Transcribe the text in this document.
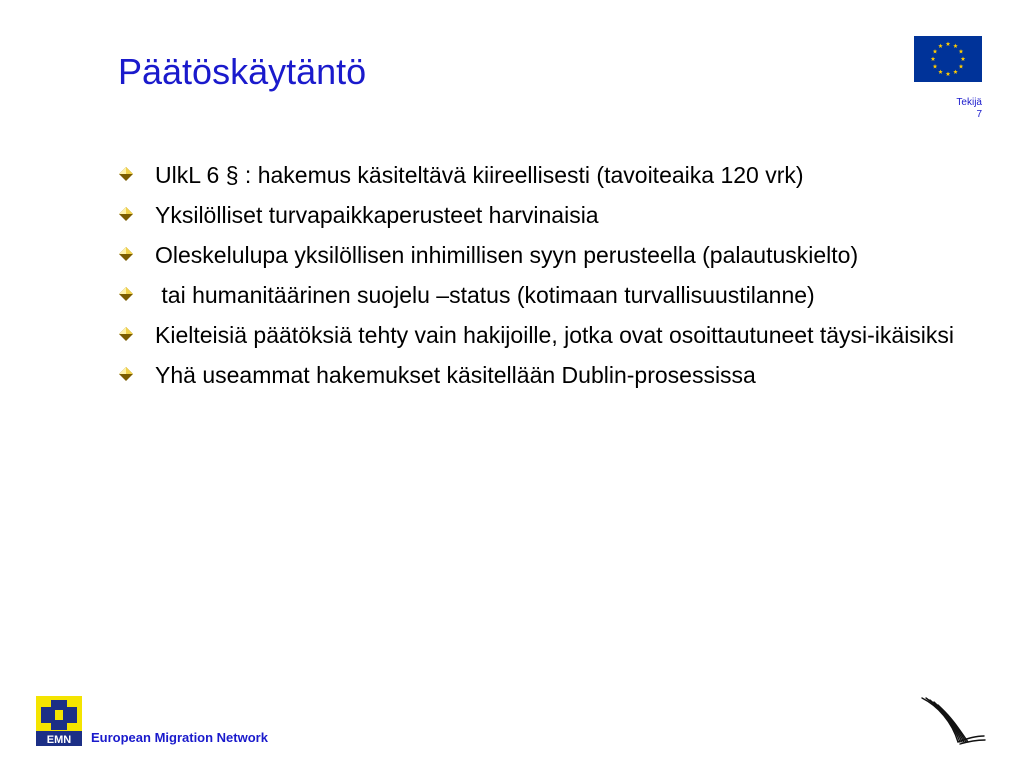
Päätöskäytäntö
Tekijä
7
UlkL 6 § : hakemus käsiteltävä kiireellisesti (tavoiteaika 120 vrk)
Yksilölliset turvapaikkaperusteet harvinaisia
Oleskelulupa yksilöllisen inhimillisen syyn perusteella (palautuskielto)
tai humanitäärinen suojelu –status (kotimaan turvallisuustilanne)
Kielteisiä päätöksiä tehty vain hakijoille, jotka ovat osoittautuneet täysi-ikäisiksi
Yhä useammat hakemukset käsitellään Dublin-prosessissa
EMN European Migration Network
